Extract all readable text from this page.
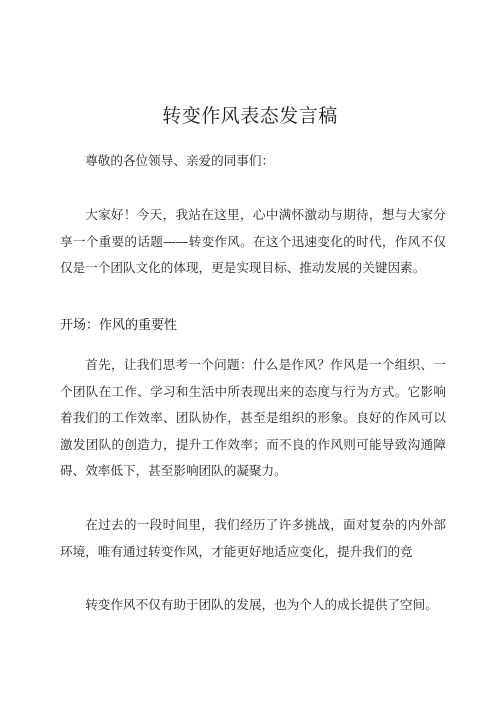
转变作风表态发言稿

尊敬的各位领导、亲爱的同事们：

大家好！今天，我站在这里，心中满怀激动与期待，想与大家分享一个重要的话题——转变作风。在这个迅速变化的时代，作风不仅仅是一个团队文化的体现，更是实现目标、推动发展的关键因素。

开场：作风的重要性

首先，让我们思考一个问题：什么是作风？作风是一个组织、一个团队在工作、学习和生活中所表现出来的态度与行为方式。它影响着我们的工作效率、团队协作，甚至是组织的形象。良好的作风可以激发团队的创造力，提升工作效率；而不良的作风则可能导致沟通障碍、效率低下，甚至影响团队的凝聚力。

在过去的一段时间里，我们经历了许多挑战，面对复杂的内外部环境，唯有通过转变作风，才能更好地适应变化，提升我们的竞

转变作风不仅有助于团队的发展，也为个人的成长提供了空间。
